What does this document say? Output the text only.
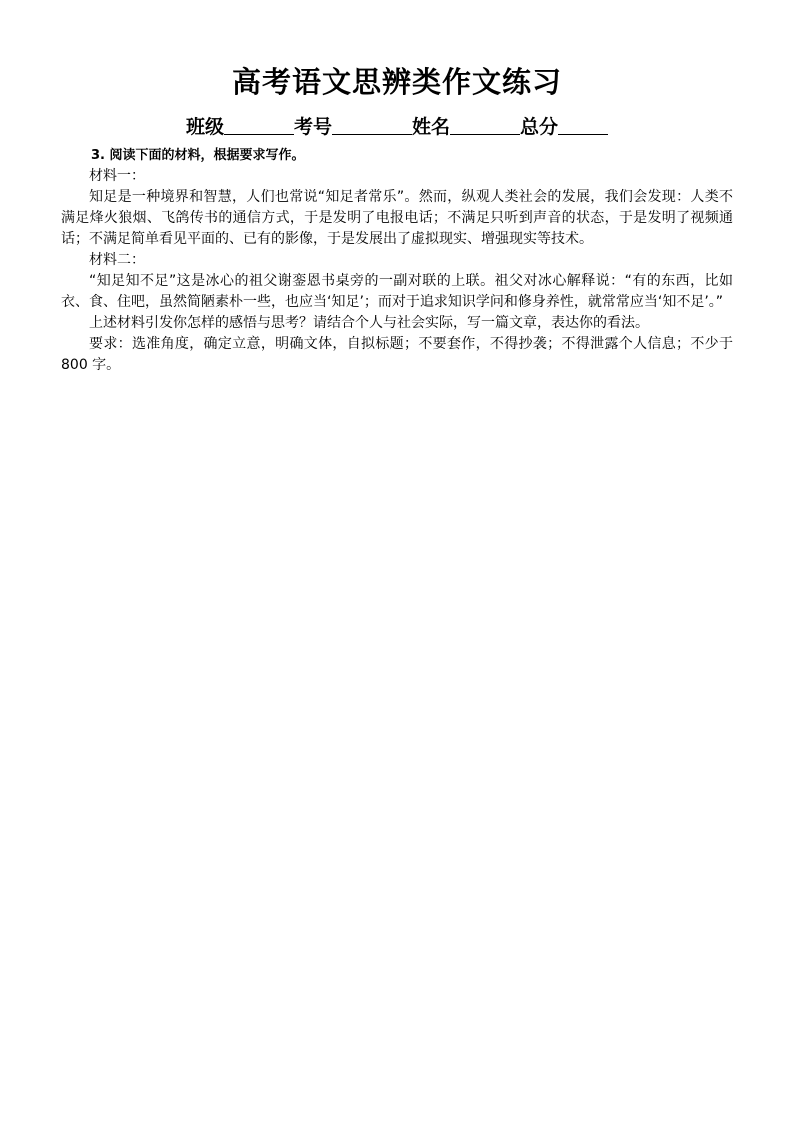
高考语文思辨类作文练习
班级	考号	姓名	总分

3. 阅读下面的材料，根据要求写作。

材料一：

知足是一种境界和智慧，人们也常说“知足者常乐”。然而，纵观人类社会的发展，我们会发现：人类不满足烽火狼烟、飞鸽传书的通信方式，于是发明了电报电话；不满足只听到声音的状态，于是发明了视频通话；不满足简单看见平面的、已有的影像，于是发展出了虚拟现实、增强现实等技术。

材料二：

“知足知不足”这是冰心的祖父谢銮恩书桌旁的一副对联的上联。祖父对冰心解释说：“有的东西，比如衣、食、住吧，虽然简陋素朴一些，也应当‘知足’；而对于追求知识学问和修身养性，就常常应当‘知不足’。”

上述材料引发你怎样的感悟与思考？请结合个人与社会实际，写一篇文章，表达你的看法。

要求：选准角度，确定立意，明确文体，自拟标题；不要套作，不得抄袭；不得泄露个人信息；不少于 800 字。
